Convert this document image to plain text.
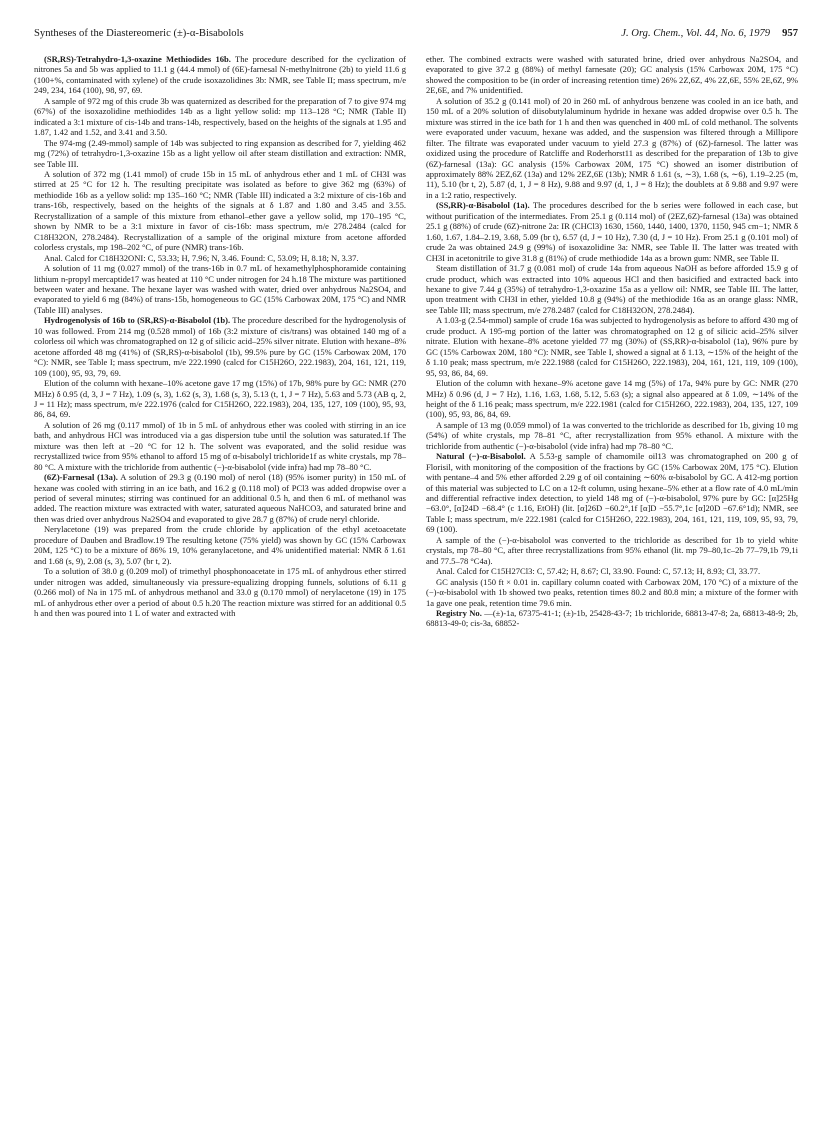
Syntheses of the Diastereomeric (±)-α-Bisabolols	J. Org. Chem., Vol. 44, No. 6, 1979 957

(SR,RS)-Tetrahydro-1,3-oxazine Methiodides 16b. The procedure described for the cyclization of nitrones 5a and 5b was applied to 11.1 g (44.4 mmol) of (6E)-farnesal N-methylnitrone (2b) to yield 11.6 g (100+%, contaminated with xylene) of the crude isoxazolidines 3b: NMR, see Table II; mass spectrum, m/e 249, 234, 164 (100), 98, 97, 69.

A sample of 972 mg of this crude 3b was quaternized as described for the preparation of 7 to give 974 mg (67%) of the isoxazolidine methiodides 14b as a light yellow solid: mp 113–128 °C; NMR (Table II) indicated a 3:1 mixture of cis-14b and trans-14b, respectively, based on the heights of the signals at 1.95 and 1.87, 1.42 and 1.52, and 3.41 and 3.50.

The 974-mg (2.49-mmol) sample of 14b was subjected to ring expansion as described for 7, yielding 462 mg (72%) of tetrahydro-1,3-oxazine 15b as a light yellow oil after steam distillation and extraction: NMR, see Table III.

A solution of 372 mg (1.41 mmol) of crude 15b in 15 mL of anhydrous ether and 1 mL of CH3I was stirred at 25 °C for 12 h. The resulting precipitate was isolated as before to give 362 mg (63%) of methiodide 16b as a yellow solid: mp 135–160 °C; NMR (Table III) indicated a 3:2 mixture of cis-16b and trans-16b, respectively, based on the heights of the signals at δ 1.87 and 1.80 and 3.45 and 3.55. Recrystallization of a sample of this mixture from ethanol–ether gave a yellow solid, mp 170–195 °C, shown by NMR to be a 3:1 mixture in favor of cis-16b: mass spectrum, m/e 278.2484 (calcd for C18H32ON, 278.2484). Recrystallization of a sample of the original mixture from acetone afforded colorless crystals, mp 198–202 °C, of pure (NMR) trans-16b.

Anal. Calcd for C18H32ONI: C, 53.33; H, 7.96; N, 3.46. Found: C, 53.09; H, 8.18; N, 3.37.

A solution of 11 mg (0.027 mmol) of the trans-16b in 0.7 mL of hexamethylphosphoramide containing lithium n-propyl mercaptide17 was heated at 110 °C under nitrogen for 24 h.18 The mixture was partitioned between water and hexane. The hexane layer was washed with water, dried over anhydrous Na2SO4, and evaporated to yield 6 mg (84%) of trans-15b, homogeneous to GC (15% Carbowax 20M, 175 °C) and NMR (Table III) analyses.

Hydrogenolysis of 16b to (SR,RS)-α-Bisabolol (1b). The procedure described for the hydrogenolysis of 10 was followed. From 214 mg (0.528 mmol) of 16b (3:2 mixture of cis/trans) was obtained 140 mg of a colorless oil which was chromatographed on 12 g of silicic acid–25% silver nitrate. Elution with hexane–8% acetone afforded 48 mg (41%) of (SR,RS)-α-bisabolol (1b), 99.5% pure by GC (15% Carbowax 20M, 170 °C): NMR, see Table I; mass spectrum, m/e 222.1990 (calcd for C15H26O, 222.1983), 204, 161, 121, 119, 109 (100), 95, 93, 79, 69.

Elution of the column with hexane–10% acetone gave 17 mg (15%) of 17b, 98% pure by GC: NMR (270 MHz) δ 0.95 (d, 3, J = 7 Hz), 1.09 (s, 3), 1.62 (s, 3), 1.68 (s, 3), 5.13 (t, 1, J = 7 Hz), 5.63 and 5.73 (AB q, 2, J = 11 Hz); mass spectrum, m/e 222.1976 (calcd for C15H26O, 222.1983), 204, 135, 127, 109 (100), 95, 93, 86, 84, 69.

A solution of 26 mg (0.117 mmol) of 1b in 5 mL of anhydrous ether was cooled with stirring in an ice bath, and anhydrous HCl was introduced via a gas dispersion tube until the solution was saturated.1f The mixture was then left at −20 °C for 12 h. The solvent was evaporated, and the solid residue was recrystallized twice from 95% ethanol to afford 15 mg of α-bisabolyl trichloride1f as white crystals, mp 78–80 °C. A mixture with the trichloride from authentic (−)-α-bisabolol (vide infra) had mp 78–80 °C.

(6Z)-Farnesal (13a). A solution of 29.3 g (0.190 mol) of nerol (18) (95% isomer purity) in 150 mL of hexane was cooled with stirring in an ice bath, and 16.2 g (0.118 mol) of PCl3 was added dropwise over a period of several minutes; stirring was continued for an additional 0.5 h, and then 6 mL of methanol was added. The reaction mixture was extracted with water, saturated aqueous NaHCO3, and saturated brine and then was dried over anhydrous Na2SO4 and evaporated to give 28.7 g (87%) of crude neryl chloride.

Nerylacetone (19) was prepared from the crude chloride by application of the ethyl acetoacetate procedure of Dauben and Bradlow.19 The resulting ketone (75% yield) was shown by GC (15% Carbowax 20M, 125 °C) to be a mixture of 86% 19, 10% geranylacetone, and 4% unidentified material: NMR δ 1.61 and 1.68 (s, 9), 2.08 (s, 3), 5.07 (br t, 2).

To a solution of 38.0 g (0.209 mol) of trimethyl phosphonoacetate in 175 mL of anhydrous ether stirred under nitrogen was added, simultaneously via pressure-equalizing dropping funnels, solutions of 6.11 g (0.266 mol) of Na in 175 mL of anhydrous methanol and 33.0 g (0.170 mmol) of nerylacetone (19) in 175 mL of anhydrous ether over a period of about 0.5 h.20 The reaction mixture was stirred for an additional 0.5 h and then was poured into 1 L of water and extracted with

ether. The combined extracts were washed with saturated brine, dried over anhydrous Na2SO4, and evaporated to give 37.2 g (88%) of methyl farnesate (20); GC analysis (15% Carbowax 20M, 175 °C) showed the composition to be (in order of increasing retention time) 26% 2Z,6Z, 4% 2Z,6E, 55% 2E,6Z, 9% 2E,6E, and 7% unidentified.

A solution of 35.2 g (0.141 mol) of 20 in 260 mL of anhydrous benzene was cooled in an ice bath, and 150 mL of a 20% solution of diisobutylaluminum hydride in hexane was added dropwise over 0.5 h. The mixture was stirred in the ice bath for 1 h and then was quenched in 400 mL of cold methanol. The solvents were evaporated under vacuum, hexane was added, and the suspension was filtered through a Millipore filter. The filtrate was evaporated under vacuum to yield 27.3 g (87%) of (6Z)-farnesol. The latter was oxidized using the procedure of Ratcliffe and Roderhorst11 as described for the preparation of 13b to give (6Z)-farnesal (13a): GC analysis (15% Carbowax 20M, 175 °C) showed an isomer distribution of approximately 88% 2EZ,6Z (13a) and 12% 2EZ,6E (13b); NMR δ 1.61 (s, ∼3), 1.68 (s, ∼6), 1.19–2.25 (m, 11), 5.10 (br t, 2), 5.87 (d, 1, J = 8 Hz), 9.88 and 9.97 (d, 1, J = 8 Hz); the doublets at δ 9.88 and 9.97 were in a 1:2 ratio, respectively.

(SS,RR)-α-Bisabolol (1a). The procedures described for the b series were followed in each case, but without purification of the intermediates. From 25.1 g (0.114 mol) of (2EZ,6Z)-farnesal (13a) was obtained 25.1 g (88%) of crude (6Z)-nitrone 2a: IR (CHCl3) 1630, 1560, 1440, 1400, 1370, 1150, 945 cm−1; NMR δ 1.60, 1.67, 1.84–2.19, 3.68, 5.09 (br t), 6.57 (d, J = 10 Hz), 7.30 (d, J = 10 Hz). From 25.1 g (0.101 mol) of crude 2a was obtained 24.9 g (99%) of isoxazolidine 3a: NMR, see Table II. The latter was treated with CH3I in acetonitrile to give 31.8 g (81%) of crude methiodide 14a as a brown gum: NMR, see Table II.

Steam distillation of 31.7 g (0.081 mol) of crude 14a from aqueous NaOH as before afforded 15.9 g of crude product, which was extracted into 10% aqueous HCl and then basicified and extracted back into hexane to give 7.44 g (35%) of tetrahydro-1,3-oxazine 15a as a yellow oil: NMR, see Table III. The latter, upon treatment with CH3I in ether, yielded 10.8 g (94%) of the methiodide 16a as an orange glass: NMR, see Table III; mass spectrum, m/e 278.2487 (calcd for C18H32ON, 278.2484).

A 1.03-g (2.54-mmol) sample of crude 16a was subjected to hydrogenolysis as before to afford 430 mg of crude product. A 195-mg portion of the latter was chromatographed on 12 g of silicic acid–25% silver nitrate. Elution with hexane–8% acetone yielded 77 mg (30%) of (SS,RR)-α-bisabolol (1a), 96% pure by GC (15% Carbowax 20M, 180 °C): NMR, see Table I, showed a signal at δ 1.13, ∼15% of the height of the δ 1.10 peak; mass spectrum, m/e 222.1988 (calcd for C15H26O, 222.1983), 204, 161, 121, 119, 109 (100), 95, 93, 86, 84, 69.

Elution of the column with hexane–9% acetone gave 14 mg (5%) of 17a, 94% pure by GC: NMR (270 MHz) δ 0.96 (d, J = 7 Hz), 1.16, 1.63, 1.68, 5.12, 5.63 (s); a signal also appeared at δ 1.09, ∼14% of the height of the δ 1.16 peak; mass spectrum, m/e 222.1981 (calcd for C15H26O, 222.1983), 204, 135, 127, 109 (100), 95, 93, 86, 84, 69.

A sample of 13 mg (0.059 mmol) of 1a was converted to the trichloride as described for 1b, giving 10 mg (54%) of white crystals, mp 78–81 °C, after recrystallization from 95% ethanol. A mixture with the trichloride from authentic (−)-α-bisabolol (vide infra) had mp 78–80 °C.

Natural (−)-α-Bisabolol. A 5.53-g sample of chamomile oil13 was chromatographed on 200 g of Florisil, with monitoring of the composition of the fractions by GC (15% Carbowax 20M, 175 °C). Elution with pentane–4 and 5% ether afforded 2.29 g of oil containing ∼60% α-bisabolol by GC. A 412-mg portion of this material was subjected to LC on a 12-ft column, using hexane–5% ether at a flow rate of 4.0 mL/min and differential refractive index detection, to yield 148 mg of (−)-α-bisabolol, 97% pure by GC: [α]25Hg −63.0°, [α]24D −68.4° (c 1.16, EtOH) (lit. [α]26D −60.2°,1f [α]D −55.7°,1c [α]20D −67.6°1d); NMR, see Table I; mass spectrum, m/e 222.1981 (calcd for C15H26O, 222.1983), 204, 161, 121, 119, 109, 95, 93, 79, 69 (100).

A sample of the (−)-α-bisabolol was converted to the trichloride as described for 1b to yield white crystals, mp 78–80 °C, after three recrystallizations from 95% ethanol (lit. mp 79–80,1c–2b 77–79,1b 79,1i and 77.5–78 °C4a).

Anal. Calcd for C15H27Cl3: C, 57.42; H, 8.67; Cl, 33.90. Found: C, 57.13; H, 8.93; Cl, 33.77.

GC analysis (150 ft × 0.01 in. capillary column coated with Carbowax 20M, 170 °C) of a mixture of the (−)-α-bisabolol with 1b showed two peaks, retention times 80.2 and 80.8 min; a mixture of the former with 1a gave one peak, retention time 79.6 min.

Registry No. —(±)-1a, 67375-41-1; (±)-1b, 25428-43-7; 1b trichloride, 68813-47-8; 2a, 68813-48-9; 2b, 68813-49-0; cis-3a, 68852-
